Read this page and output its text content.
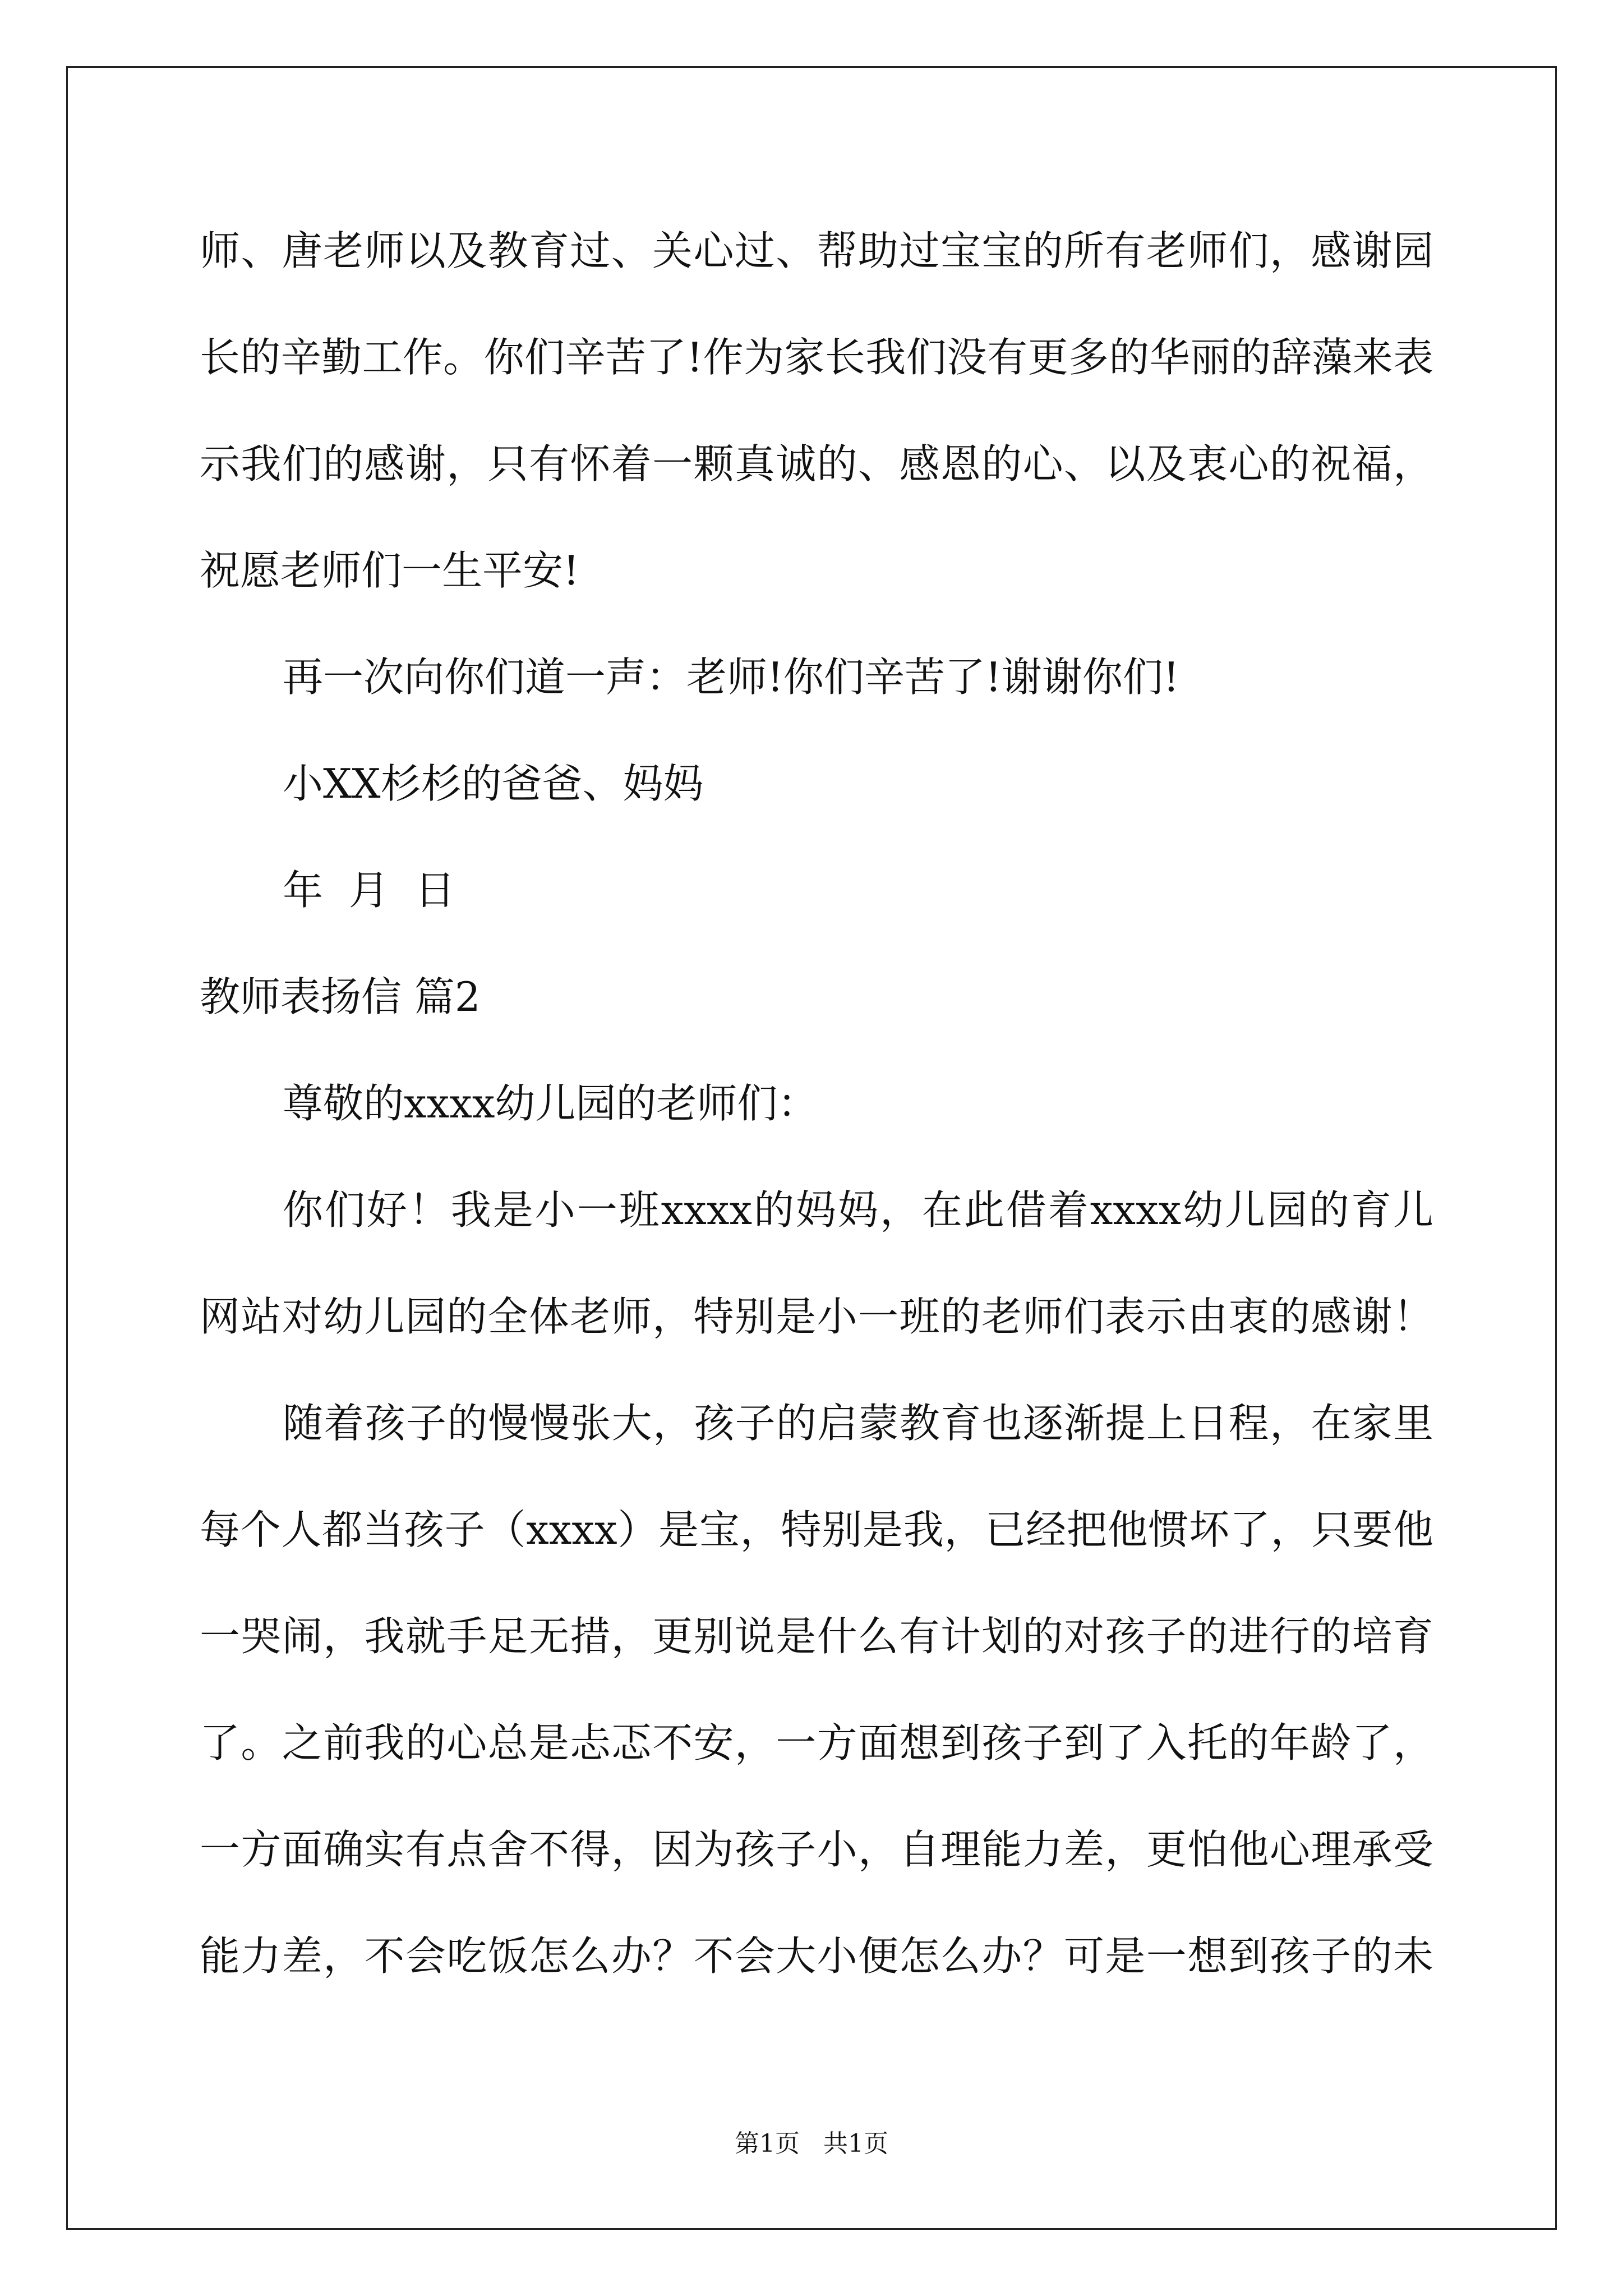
师、唐老师以及教育过、关心过、帮助过宝宝的所有老师们，感谢园
长的辛勤工作。你们辛苦了!作为家长我们没有更多的华丽的辞藻来表
示我们的感谢，只有怀着一颗真诚的、感恩的心、以及衷心的祝福，
祝愿老师们一生平安!
再一次向你们道一声：老师!你们辛苦了!谢谢你们!
小XX杉杉的爸爸、妈妈
年  月  日
教师表扬信 篇2
尊敬的xxxx幼儿园的老师们：
你们好！我是小一班xxxx的妈妈，在此借着xxxx幼儿园的育儿
网站对幼儿园的全体老师，特别是小一班的老师们表示由衷的感谢！
随着孩子的慢慢张大，孩子的启蒙教育也逐渐提上日程，在家里
每个人都当孩子（xxxx）是宝，特别是我，已经把他惯坏了，只要他
一哭闹，我就手足无措，更别说是什么有计划的对孩子的进行的培育
了。之前我的心总是忐忑不安，一方面想到孩子到了入托的年龄了，
一方面确实有点舍不得，因为孩子小，自理能力差，更怕他心理承受
能力差，不会吃饭怎么办？不会大小便怎么办？可是一想到孩子的未
第1页   共1页
